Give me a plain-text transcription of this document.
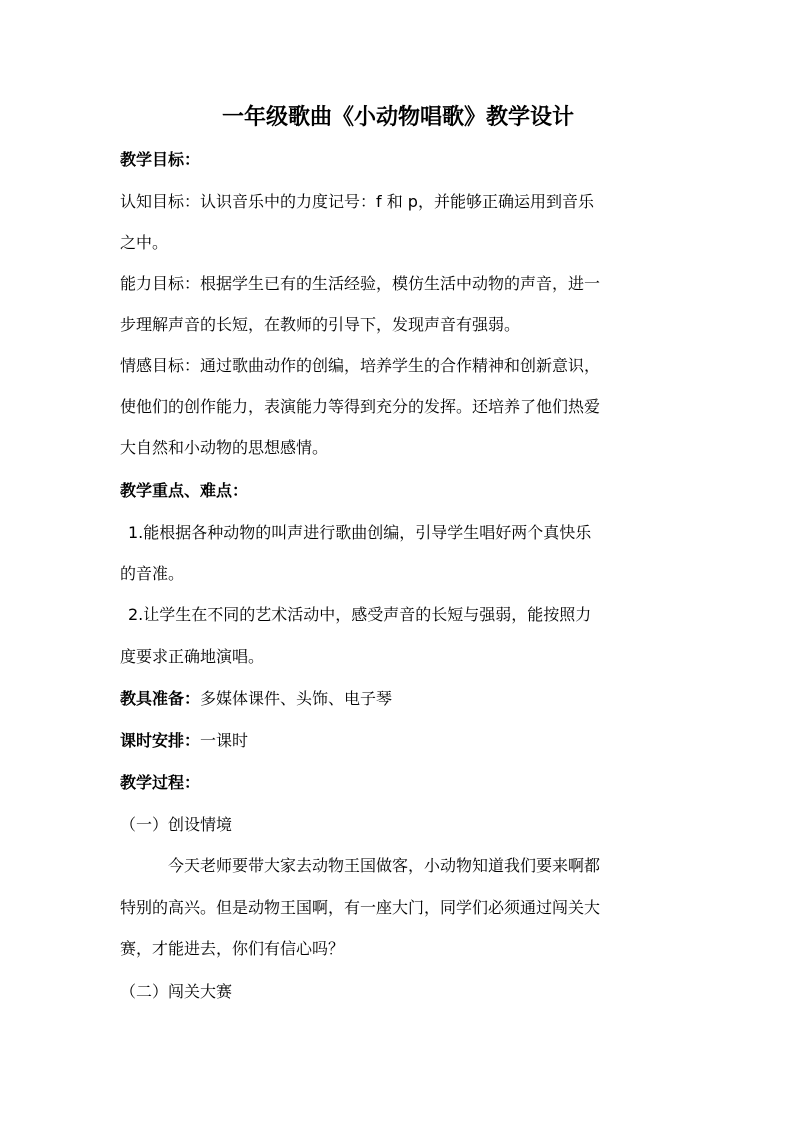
一年级歌曲《小动物唱歌》教学设计
教学目标：
认知目标：认识音乐中的力度记号：f 和 p，并能够正确运用到音乐
之中。
能力目标：根据学生已有的生活经验，模仿生活中动物的声音，进一
步理解声音的长短，在教师的引导下，发现声音有强弱。
情感目标：通过歌曲动作的创编，培养学生的合作精神和创新意识，
使他们的创作能力，表演能力等得到充分的发挥。还培养了他们热爱
大自然和小动物的思想感情。
教学重点、难点：
1.能根据各种动物的叫声进行歌曲创编，引导学生唱好两个真快乐
的音准。
2.让学生在不同的艺术活动中，感受声音的长短与强弱，能按照力
度要求正确地演唱。
教具准备：多媒体课件、头饰、电子琴
课时安排：一课时
教学过程：
（一）创设情境
今天老师要带大家去动物王国做客，小动物知道我们要来啊都
特别的高兴。但是动物王国啊，有一座大门，同学们必须通过闯关大
赛，才能进去，你们有信心吗？
（二）闯关大赛
